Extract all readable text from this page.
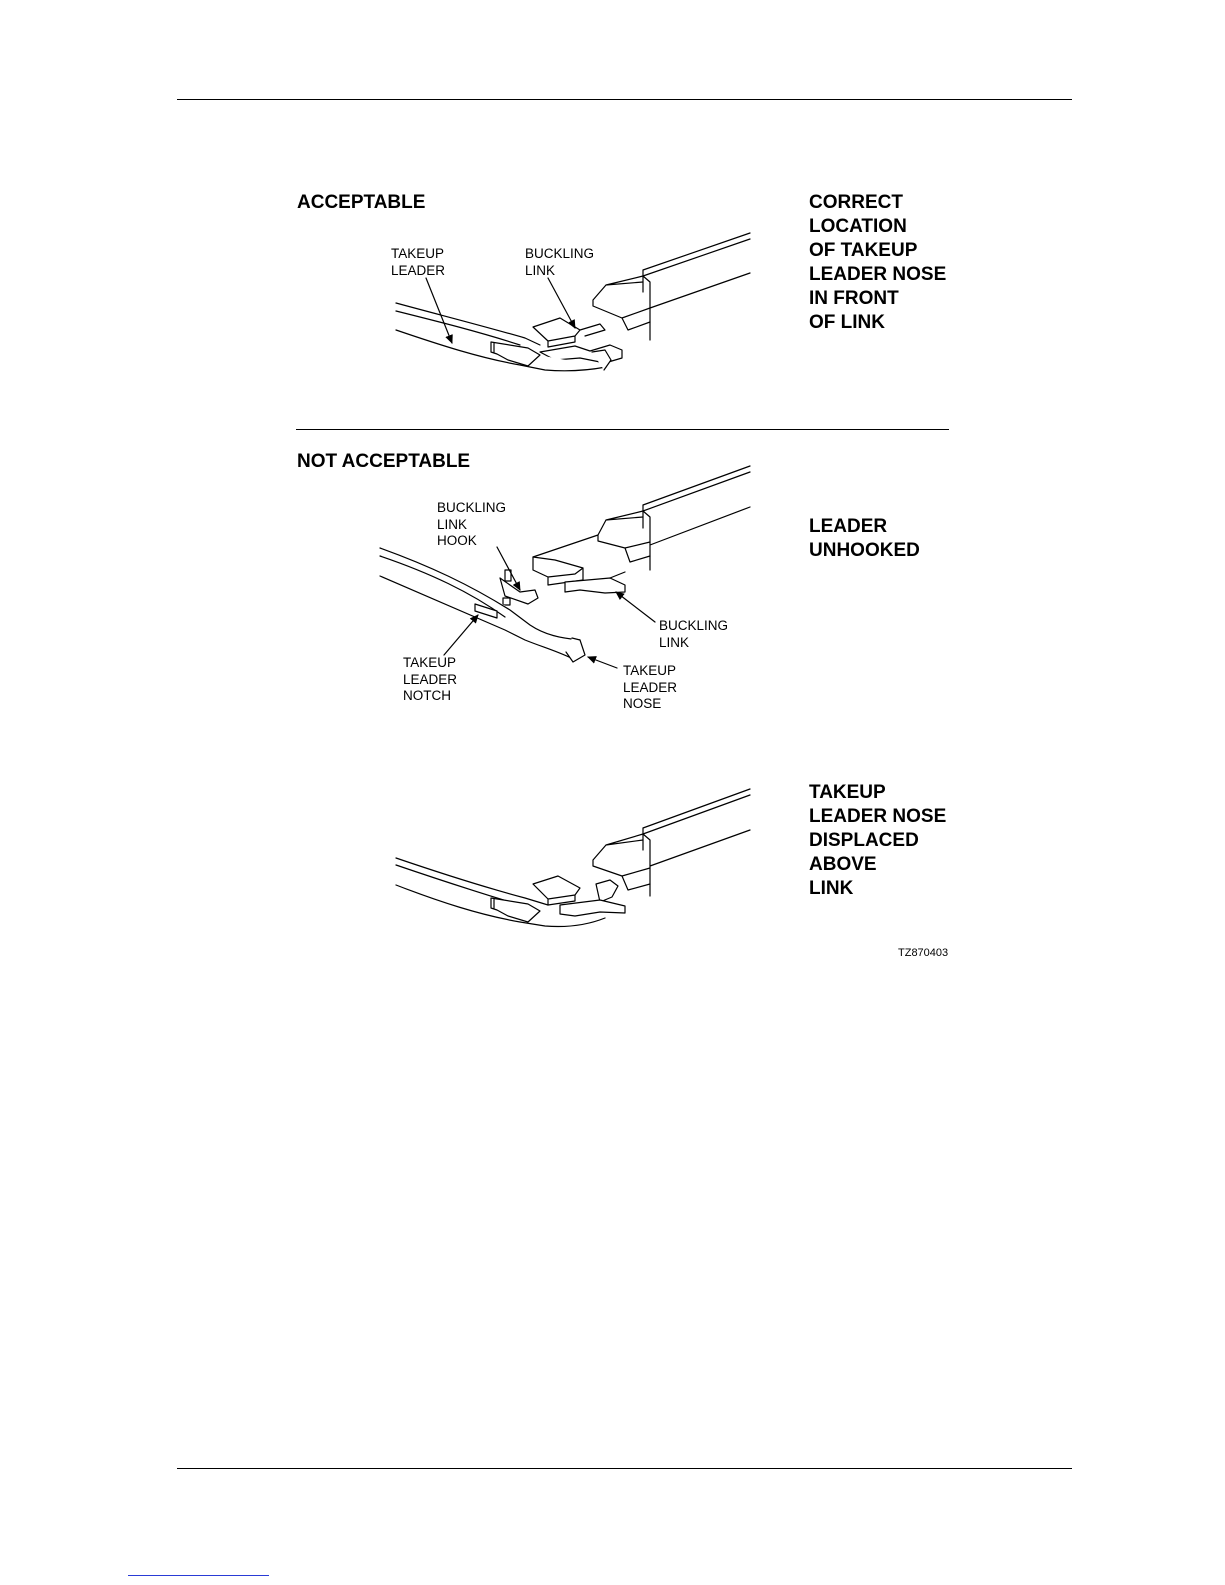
ACCEPTABLE
TAKEUP
LEADER
BUCKLING
LINK
CORRECT
LOCATION
OF TAKEUP
LEADER NOSE
IN FRONT
OF LINK
NOT ACCEPTABLE
BUCKLING
LINK
HOOK
BUCKLING
LINK
TAKEUP
LEADER
NOTCH
TAKEUP
LEADER
NOSE
LEADER
UNHOOKED
TAKEUP
LEADER NOSE
DISPLACED
ABOVE
LINK
TZ870403
